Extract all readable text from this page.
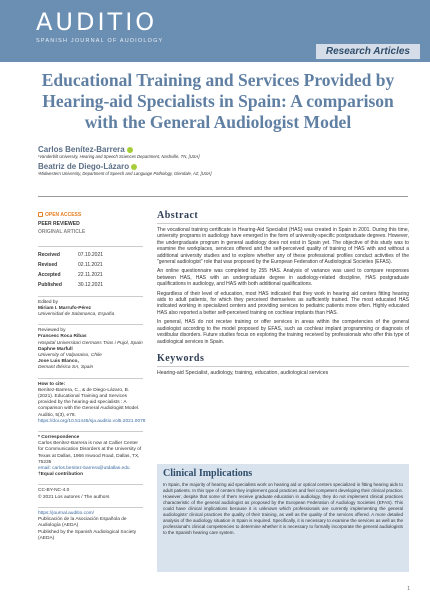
AUDITIO
SPANISH JOURNAL OF AUDIOLOGY
Research Articles
Educational Training and Services Provided by Hearing-aid Specialists in Spain: A comparison with the General Audiologist Model
Carlos Benítez-Barrera
¹Vanderbilt University, Hearing and Speech Sciences Department, Nashville, TN, [USA]
Beatriz de Diego-Lázaro
²Midwestern University, Department of Speech and Language Pathology, Glendale, AZ, [USA]
OPEN ACCESS
PEER REVIEWED
ORIGINAL ARTICLE
Received	07.10.2021
Revised	02.11.2021
Accepted	22.11.2021
Published	30.12.2021
Edited by
Miriam I. Marrufo-Pérez
Universidad de Salamanca, España
Reviewed by
Francesc Roca Ribas
Hospital Universitari Germans Trias i Pujol, Spain
Daphne Marfull
University of Valparaiso, Chile
Jose Luis Blanco,
Demant Ibérica SA, Spain
How to cite:
Benítez-Barrera, C., & de Diego-Lázaro, B. (2021). Educational Training and Services provided by the hearing-aid specialists : A comparison with the General Audiologist Model. Auditio, 5(3), e78.
https://doi.org/10.51445/sja.auditio.vol5.2021.0078
* Correspondence
Carlos Benítez-Barrera is now at Callier Center for Communication Disorders at the University of Texas at Dallas, 1966 Inwood Road, Dallas, TX, 75235
email: carlos.benitez-barrera@utdallas.edu
†Equal contribution
CC-BY-NC-4.0
© 2021 Los autores / The authors
https://journal.auditio.com/
Publicación de la Asociación Española de Audiología (AEDA)
Published by the Spanish Audiological Society (AEDA)
Abstract

The vocational training certificate in Hearing-Aid Specialist (HAS) was created in Spain in 2001. During this time, university programs in audiology have emerged in the form of university-specific postgraduate degrees. However, the undergraduate program in general audiology does not exist in Spain yet. The objective of this study was to examine the workplaces, services offered and the self-perceived quality of training of HAS with and without a additional university studies and to explore whether any of these professional profiles conduct activities of the "general audiologist" role that was proposed by the European Federation of Audiological Societies (EFAS).

An online questionnaire was completed by 255 HAS. Analysis of variance was used to compare responses between HAS, HAS with an undergraduate degree in audiology-related discipline, HAS postgraduate qualifications in audiology, and HAS with both additional qualifications.

Regardless of their level of education, most HAS indicated that they work in hearing aid centers fitting hearing aids to adult patients, for which they perceived themselves as sufficiently trained. The most educated HAS indicated working in specialized centers and providing services to pediatric patients more often. Highly educated HAS also reported a better self-perceived training on cochlear implants than HAS.

In general, HAS do not receive training or offer services in areas within the competencies of the general audiologist according to the model proposed by EFAS, such as cochlear implant programming or diagnosis of vestibular disorders. Future studies focus on exploring the training received by professionals who offer this type of audiological services in Spain.

Keywords
Hearing-aid Specialist, audiology, training, education, audiological services
Clinical Implications

In Spain, the majority of hearing aid specialists work on hearing aid or optical centers specialized in fitting hearing aids to adult patients. In this type of centers they implement good practices and feel competent developing their clinical practice. However, despite that some of them receive graduate education in audiology, they do not implement clinical practices characteristic of the general audiologist as proposed by the European Federation of Audiology Societies (EFAS). This could have clinical implications because it is unknown which professionals are currently implementing the general audiologists' clinical practices the quality of their training, as well as the quality of the services offered. A more detailed analysis of the audiology situation in Spain is required. Specifically, it is necessary to examine the services as well as the professional's clinical competencies to determine whether it is necessary to formally incorporate the general audiologists to the Spanish hearing care system.

1
